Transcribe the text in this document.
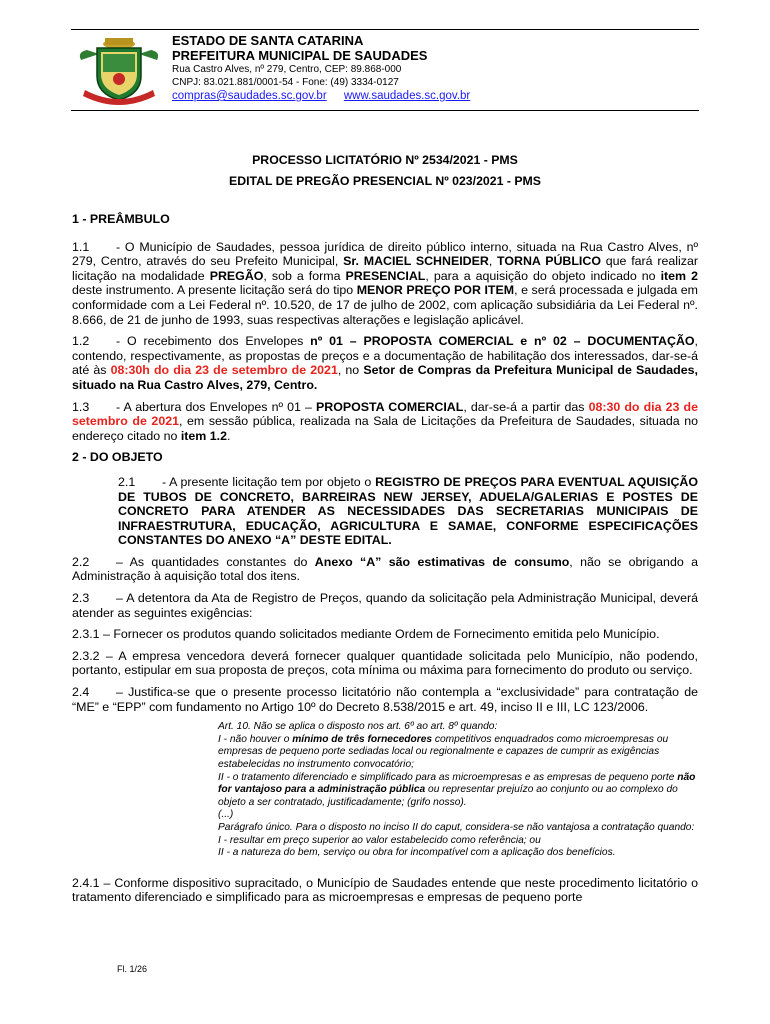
ESTADO DE SANTA CATARINA

PREFEITURA MUNICIPAL DE SAUDADES

Rua Castro Alves, nº 279, Centro, CEP: 89.868-000

CNPJ: 83.021.881/0001-54 - Fone: (49) 3334-0127

compras@saudades.sc.gov.br www.saudades.sc.gov.br

PROCESSO LICITATÓRIO Nº 2534/2021 - PMS

EDITAL DE PREGÃO PRESENCIAL Nº 023/2021 - PMS

1 - PREÂMBULO

1.1 - O Município de Saudades, pessoa jurídica de direito público interno, situada na Rua Castro Alves, nº 279, Centro, através do seu Prefeito Municipal, Sr. MACIEL SCHNEIDER, TORNA PÚBLICO que fará realizar licitação na modalidade PREGÃO, sob a forma PRESENCIAL, para a aquisição do objeto indicado no item 2 deste instrumento. A presente licitação será do tipo MENOR PREÇO POR ITEM, e será processada e julgada em conformidade com a Lei Federal nº. 10.520, de 17 de julho de 2002, com aplicação subsidiária da Lei Federal nº. 8.666, de 21 de junho de 1993, suas respectivas alterações e legislação aplicável.

1.2 - O recebimento dos Envelopes nº 01 – PROPOSTA COMERCIAL e nº 02 – DOCUMENTAÇÃO, contendo, respectivamente, as propostas de preços e a documentação de habilitação dos interessados, dar-se-á até às 08:30h do dia 23 de setembro de 2021, no Setor de Compras da Prefeitura Municipal de Saudades, situado na Rua Castro Alves, 279, Centro.

1.3 - A abertura dos Envelopes nº 01 – PROPOSTA COMERCIAL, dar-se-á a partir das 08:30 do dia 23 de setembro de 2021, em sessão pública, realizada na Sala de Licitações da Prefeitura de Saudades, situada no endereço citado no item 1.2.

2 - DO OBJETO

2.1 - A presente licitação tem por objeto o REGISTRO DE PREÇOS PARA EVENTUAL AQUISIÇÃO DE TUBOS DE CONCRETO, BARREIRAS NEW JERSEY, ADUELA/GALERIAS E POSTES DE CONCRETO PARA ATENDER AS NECESSIDADES DAS SECRETARIAS MUNICIPAIS DE INFRAESTRUTURA, EDUCAÇÃO, AGRICULTURA E SAMAE, CONFORME ESPECIFICAÇÕES CONSTANTES DO ANEXO “A” DESTE EDITAL.

2.2 – As quantidades constantes do Anexo “A” são estimativas de consumo, não se obrigando a Administração à aquisição total dos itens.

2.3 – A detentora da Ata de Registro de Preços, quando da solicitação pela Administração Municipal, deverá atender as seguintes exigências:

2.3.1 – Fornecer os produtos quando solicitados mediante Ordem de Fornecimento emitida pelo Município.

2.3.2 – A empresa vencedora deverá fornecer qualquer quantidade solicitada pelo Município, não podendo, portanto, estipular em sua proposta de preços, cota mínima ou máxima para fornecimento do produto ou serviço.

2.4 – Justifica-se que o presente processo licitatório não contempla a “exclusividade” para contratação de “ME” e “EPP” com fundamento no Artigo 10º do Decreto 8.538/2015 e art. 49, inciso II e III, LC 123/2006.

Art. 10. Não se aplica o disposto nos art. 6º ao art. 8º quando:

I - não houver o mínimo de três fornecedores competitivos enquadrados como microempresas ou empresas de pequeno porte sediadas local ou regionalmente e capazes de cumprir as exigências estabelecidas no instrumento convocatório;

II - o tratamento diferenciado e simplificado para as microempresas e as empresas de pequeno porte não for vantajoso para a administração pública ou representar prejuízo ao conjunto ou ao complexo do objeto a ser contratado, justificadamente; (grifo nosso).

(...)

Parágrafo único. Para o disposto no inciso II do caput, considera-se não vantajosa a contratação quando:

I - resultar em preço superior ao valor estabelecido como referência; ou

II - a natureza do bem, serviço ou obra for incompatível com a aplicação dos benefícios.

2.4.1 – Conforme dispositivo supracitado, o Município de Saudades entende que neste procedimento licitatório o tratamento diferenciado e simplificado para as microempresas e empresas de pequeno porte

Fl. 1/26
